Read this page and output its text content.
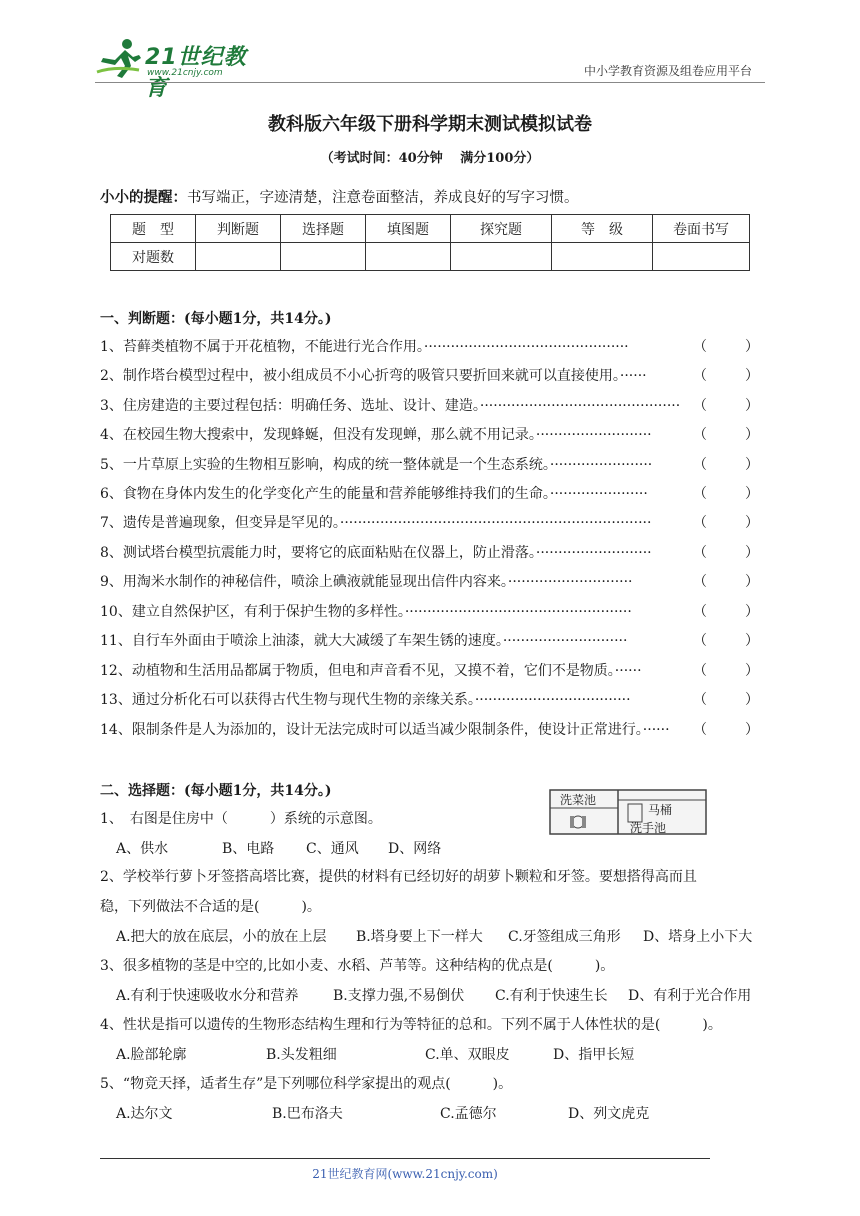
21世纪教育
www.21cnjy.com	中小学教育资源及组卷应用平台
教科版六年级下册科学期末测试模拟试卷
（考试时间：40分钟　 满分100分）
小小的提醒：书写端正，字迹清楚，注意卷面整洁，养成良好的写字习惯。
题　型	判断题	选择题	填图题	探究题	等　级	卷面书写
对题数						
一、判断题：(每小题1分，共14分。)
1、苔藓类植物不属于开花植物，不能进行光合作用。··············································	（	）
2、制作塔台模型过程中，被小组成员不小心折弯的吸管只要折回来就可以直接使用。······	（	）
3、住房建造的主要过程包括：明确任务、选址、设计、建造。············································· （	）
4、在校园生物大搜索中，发现蜂蜒，但没有发现蝉，那么就不用记录。··························	（	）
5、一片草原上实验的生物相互影响，构成的统一整体就是一个生态系统。·······················	（	）
6、食物在身体内发生的化学变化产生的能量和营养能够维持我们的生命。······················	（	）
7、遗传是普遍现象，但变异是罕见的。······································································	（	）
8、测试塔台模型抗震能力时，要将它的底面粘贴在仪器上，防止滑落。··························	（	）
9、用淘米水制作的神秘信件，喷涂上碘液就能显现出信件内容来。····························	（	）
10、建立自然保护区，有利于保护生物的多样性。···················································	（	）
11、自行车外面由于喷涂上油漆，就大大减缓了车架生锈的速度。····························	（	）
12、动植物和生活用品都属于物质，但电和声音看不见，又摸不着，它们不是物质。······	（	）
13、通过分析化石可以获得古代生物与现代生物的亲缘关系。···································	（	）
14、限制条件是人为添加的，设计无法完成时可以适当减少限制条件，使设计正常进行。······ （	）
二、选择题：(每小题1分，共14分。)
洗菜池
马桶
洗手池
1、　右图是住房中（　　　）系统的示意图。
A、供水	B、电路 C、通风 D、网络
2、学校举行萝卜牙签搭高塔比赛，提供的材料有已经切好的胡萝卜颗粒和牙签。要想搭得高而且
稳，下列做法不合适的是(　　　)。
A.把大的放在底层，小的放在上层 B.塔身要上下一样大 C.牙签组成三角形 D、塔身上小下大
3、很多植物的茎是中空的,比如小麦、水稻、芦苇等。这种结构的优点是(　　　)。
A.有利于快速吸收水分和营养 B.支撑力强,不易倒伏 C.有利于快速生长 D、有利于光合作用
4、性状是指可以遗传的生物形态结构生理和行为等特征的总和。下列不属于人体性状的是(　　　)。
A.脸部轮廓	B.头发粗细	C.单、双眼皮	D、指甲长短
5、“物竞天择，适者生存”是下列哪位科学家提出的观点(　　　)。
A.达尔文	B.巴布洛夫	C.孟德尔	D、列文虎克
21世纪教育网(www.21cnjy.com)
